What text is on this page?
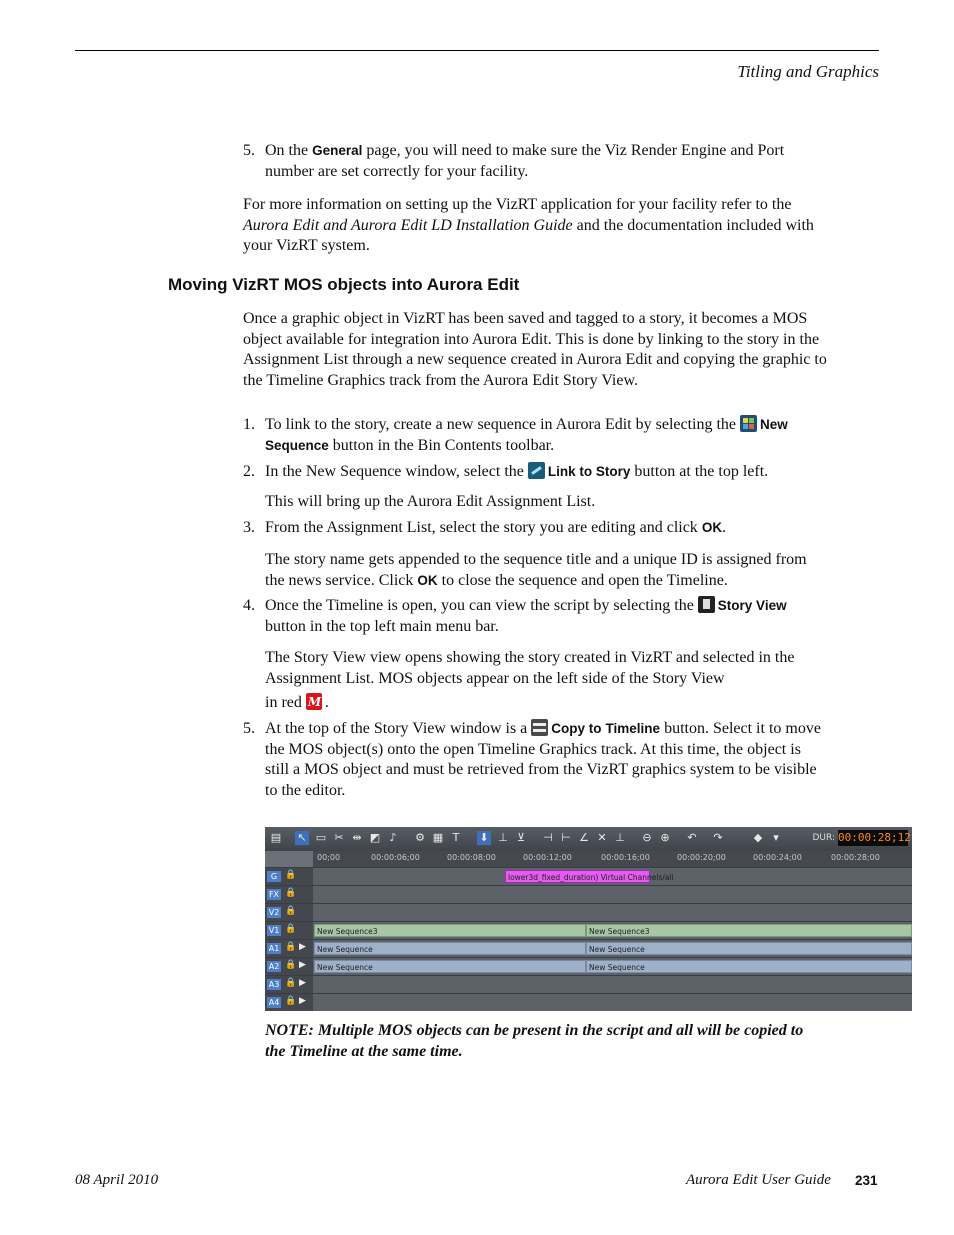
Titling and Graphics
5. On the General page, you will need to make sure the Viz Render Engine and Port number are set correctly for your facility.
For more information on setting up the VizRT application for your facility refer to the Aurora Edit and Aurora Edit LD Installation Guide and the documentation included with your VizRT system.
Moving VizRT MOS objects into Aurora Edit
Once a graphic object in VizRT has been saved and tagged to a story, it becomes a MOS object available for integration into Aurora Edit. This is done by linking to the story in the Assignment List through a new sequence created in Aurora Edit and copying the graphic to the Timeline Graphics track from the Aurora Edit Story View.
1. To link to the story, create a new sequence in Aurora Edit by selecting the New Sequence button in the Bin Contents toolbar.
2. In the New Sequence window, select the Link to Story button at the top left.
This will bring up the Aurora Edit Assignment List.
3. From the Assignment List, select the story you are editing and click OK.
The story name gets appended to the sequence title and a unique ID is assigned from the news service. Click OK to close the sequence and open the Timeline.
4. Once the Timeline is open, you can view the script by selecting the Story View button in the top left main menu bar.
The Story View view opens showing the story created in VizRT and selected in the Assignment List. MOS objects appear on the left side of the Story View
in red M .
5. At the top of the Story View window is a Copy to Timeline button. Select it to move the MOS object(s) onto the open Timeline Graphics track. At this time, the object is still a MOS object and must be retrieved from the VizRT graphics system to be visible to the editor.
▤ ↖ ▭ ✂ ⇹ ◩ ♪	⚙ ▦ T	⬇ ⊥ ⊻ ⊣ ⊢ ∠ ✕ ⊥ ⊖ ⊕ ↶ ↷	◆	▾	DUR: 00:00:28;12
00;00	00:00:06;00	00:00:08;00	00:00:12;00	00:00:16;00	00:00:20;00	00:00:24;00	00:00:28;00
G 🔒	lower3d_fixed_duration) Virtual Channels/all
FX 🔒
V2 🔒
V1 🔒	New Sequence3	New Sequence3
A1 🔒 ▶	New Sequence	New Sequence
A2 🔒 ▶	New Sequence	New Sequence
A3 🔒 ▶
A4 🔒 ▶
NOTE: Multiple MOS objects can be present in the script and all will be copied to the Timeline at the same time.
08 April 2010	Aurora Edit User Guide 231
